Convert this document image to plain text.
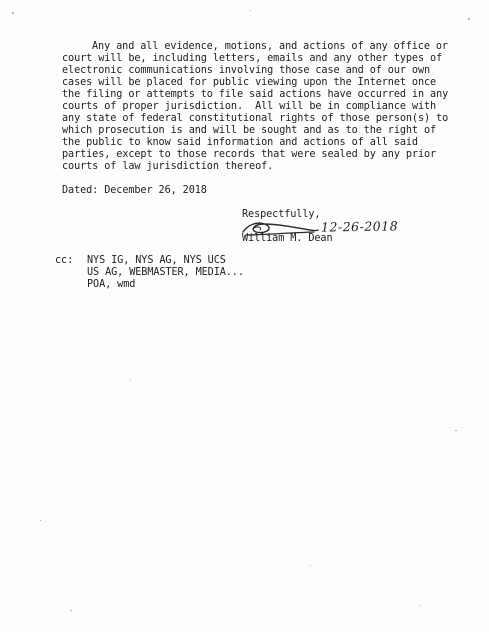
Any and all evidence, motions, and actions of any office or
court will be, including letters, emails and any other types of
electronic communications involving those case and of our own
cases will be placed for public viewing upon the Internet once
the filing or attempts to file said actions have occurred in any
courts of proper jurisdiction.  All will be in compliance with
any state of federal constitutional rights of those person(s) to
which prosecution is and will be sought and as to the right of
the public to know said information and actions of all said
parties, except to those records that were sealed by any prior
courts of law jurisdiction thereof.
Dated: December 26, 2018
Respectfully,
12-26-2018
William M. Dean
cc: NYS IG, NYS AG, NYS UCS
US AG, WEBMASTER, MEDIA...
POA, wmd
